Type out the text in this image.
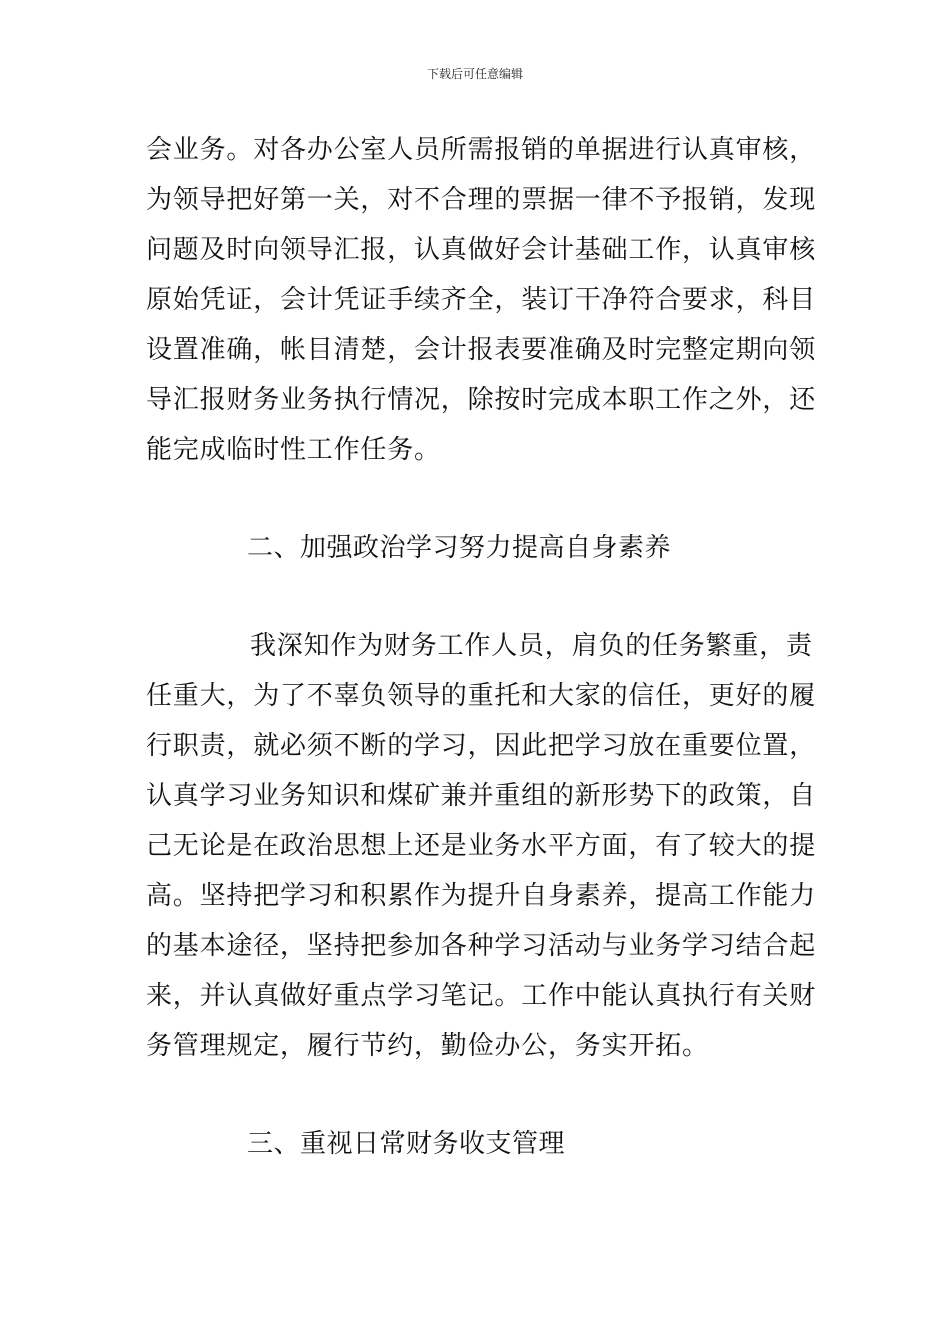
下载后可任意编辑
会业务。对各办公室人员所需报销的单据进行认真审核，
为领导把好第一关，对不合理的票据一律不予报销，发现
问题及时向领导汇报，认真做好会计基础工作，认真审核
原始凭证，会计凭证手续齐全，装订干净符合要求，科目
设置准确，帐目清楚，会计报表要准确及时完整定期向领
导汇报财务业务执行情况，除按时完成本职工作之外，还
能完成临时性工作任务。
二、加强政治学习努力提高自身素养
我深知作为财务工作人员，肩负的任务繁重，责
任重大，为了不辜负领导的重托和大家的信任，更好的履
行职责，就必须不断的学习，因此把学习放在重要位置，
认真学习业务知识和煤矿兼并重组的新形势下的政策，自
己无论是在政治思想上还是业务水平方面，有了较大的提
高。坚持把学习和积累作为提升自身素养，提高工作能力
的基本途径，坚持把参加各种学习活动与业务学习结合起
来，并认真做好重点学习笔记。工作中能认真执行有关财
务管理规定，履行节约，勤俭办公，务实开拓。
三、重视日常财务收支管理
